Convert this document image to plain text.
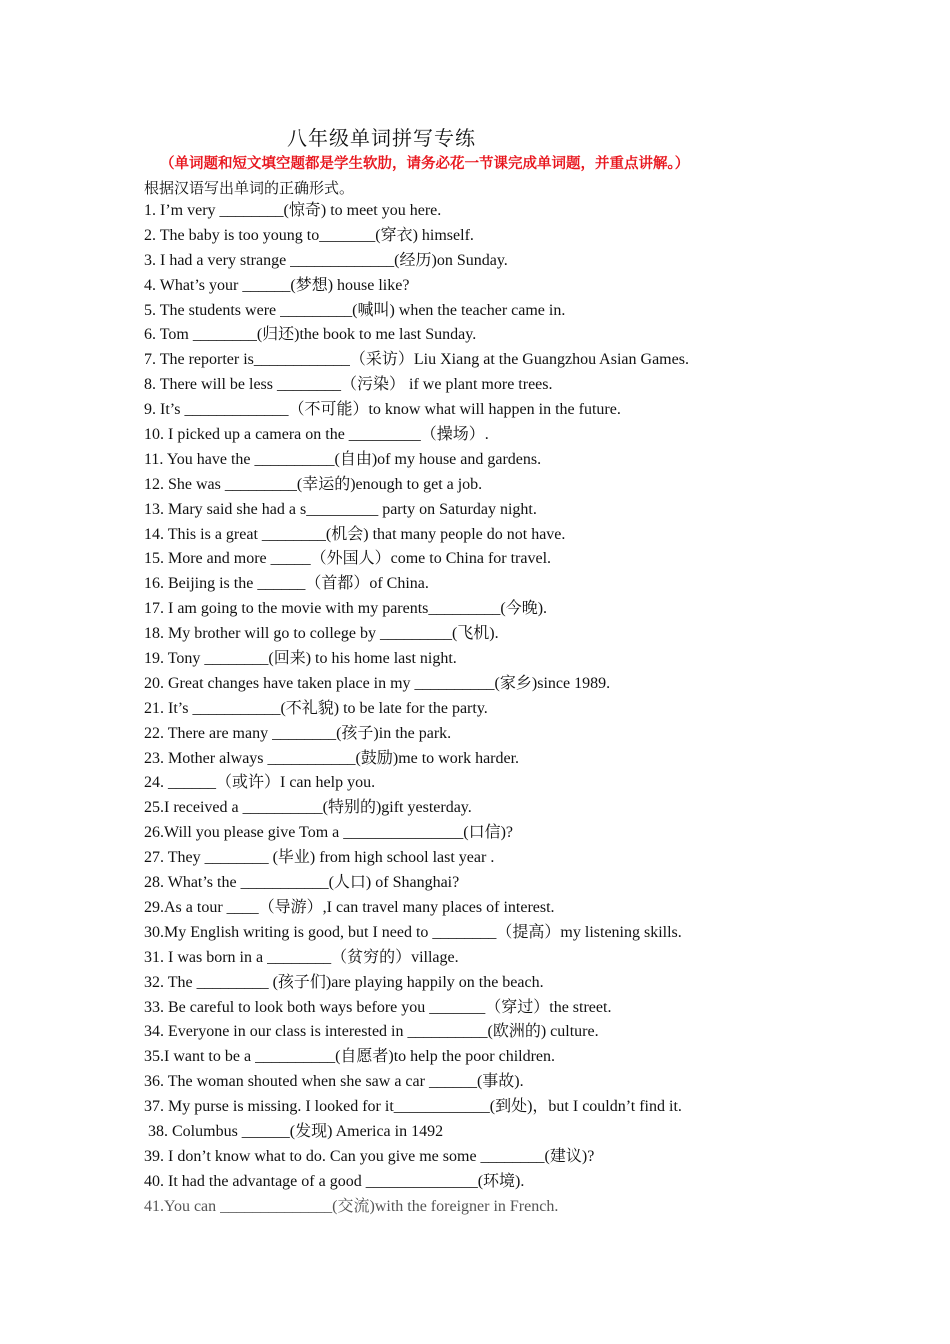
八年级单词拼写专练
（单词题和短文填空题都是学生软肋，请务必花一节课完成单词题，并重点讲解。）
根据汉语写出单词的正确形式。
1. I’m very ________(惊奇) to meet you here.
2. The baby is too young to_______(穿衣) himself.
3. I had a very strange _____________(经历)on Sunday.
4. What’s your ______(梦想) house like?
5. The students were _________(喊叫) when the teacher came in.
6. Tom ________(归还)the book to me last Sunday.
7. The reporter is____________（采访）Liu Xiang at the Guangzhou Asian Games.
8. There will be less ________（污染） if we plant more trees.
9. It’s _____________（不可能）to know what will happen in the future.
10. I picked up a camera on the _________（操场）.
11. You have the __________(自由)of my house and gardens.
12. She was _________(幸运的)enough to get a job.
13. Mary said she had a s_________ party on Saturday night.
14. This is a great ________(机会) that many people do not have.
15. More and more _____（外国人）come to China for travel.
16. Beijing is the ______（首都）of China.
17. I am going to the movie with my parents_________(今晚).
18. My brother will go to college by _________(飞机).
19. Tony ________(回来) to his home last night.
20. Great changes have taken place in my __________(家乡)since 1989.
21. It’s ___________(不礼貌) to be late for the party.
22. There are many ________(孩子)in the park.
23. Mother always ___________(鼓励)me to work harder.
24. ______（或许）I can help you.
25.I received a __________(特别的)gift yesterday.
26.Will you please give Tom a _______________(口信)?
27. They ________ (毕业) from high school last year .
28. What’s the ___________(人口) of Shanghai?
29.As a tour ____（导游）,I can travel many places of interest.
30.My English writing is good, but I need to ________（提高）my listening skills.
31. I was born in a ________（贫穷的）village.
32. The _________ (孩子们)are playing happily on the beach.
33. Be careful to look both ways before you _______（穿过）the street.
34. Everyone in our class is interested in __________(欧洲的) culture.
35.I want to be a __________(自愿者)to help the poor children.
36. The woman shouted when she saw a car ______(事故).
37. My purse is missing. I looked for it____________(到处)，but I couldn’t find it.
38. Columbus ______(发现) America in 1492
39. I don’t know what to do. Can you give me some ________(建议)?
40. It had the advantage of a good ______________(环境).
41.You can ______________(交流)with the foreigner in French.
